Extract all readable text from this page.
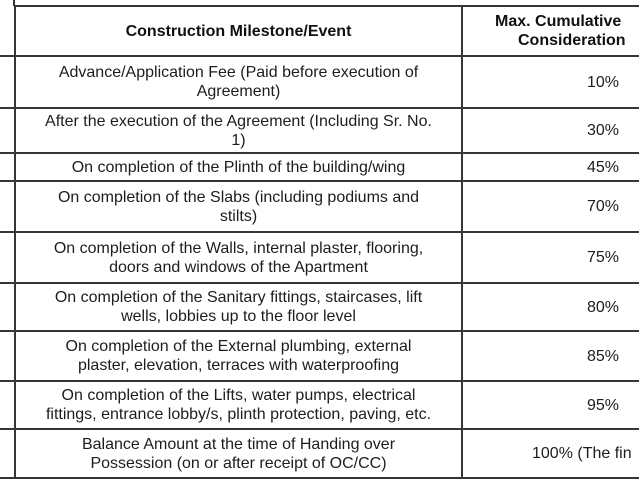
	Construction Milestone/Event	Max. Cumulative
Consideration

	Advance/Application Fee (Paid before execution of
Agreement)	10%

	After the execution of the Agreement (Including Sr. No.
1)	30%

	On completion of the Plinth of the building/wing	45%

	On completion of the Slabs (including podiums and
stilts)	70%

	On completion of the Walls, internal plaster, flooring,
doors and windows of the Apartment	75%

	On completion of the Sanitary fittings, staircases, lift
wells, lobbies up to the floor level	80%

	On completion of the External plumbing, external
plaster, elevation, terraces with waterproofing	85%

	On completion of the Lifts, water pumps, electrical
fittings, entrance lobby/s, plinth protection, paving, etc.	95%

	Balance Amount at the time of Handing over
Possession (on or after receipt of OC/CC)	100% (The fin
